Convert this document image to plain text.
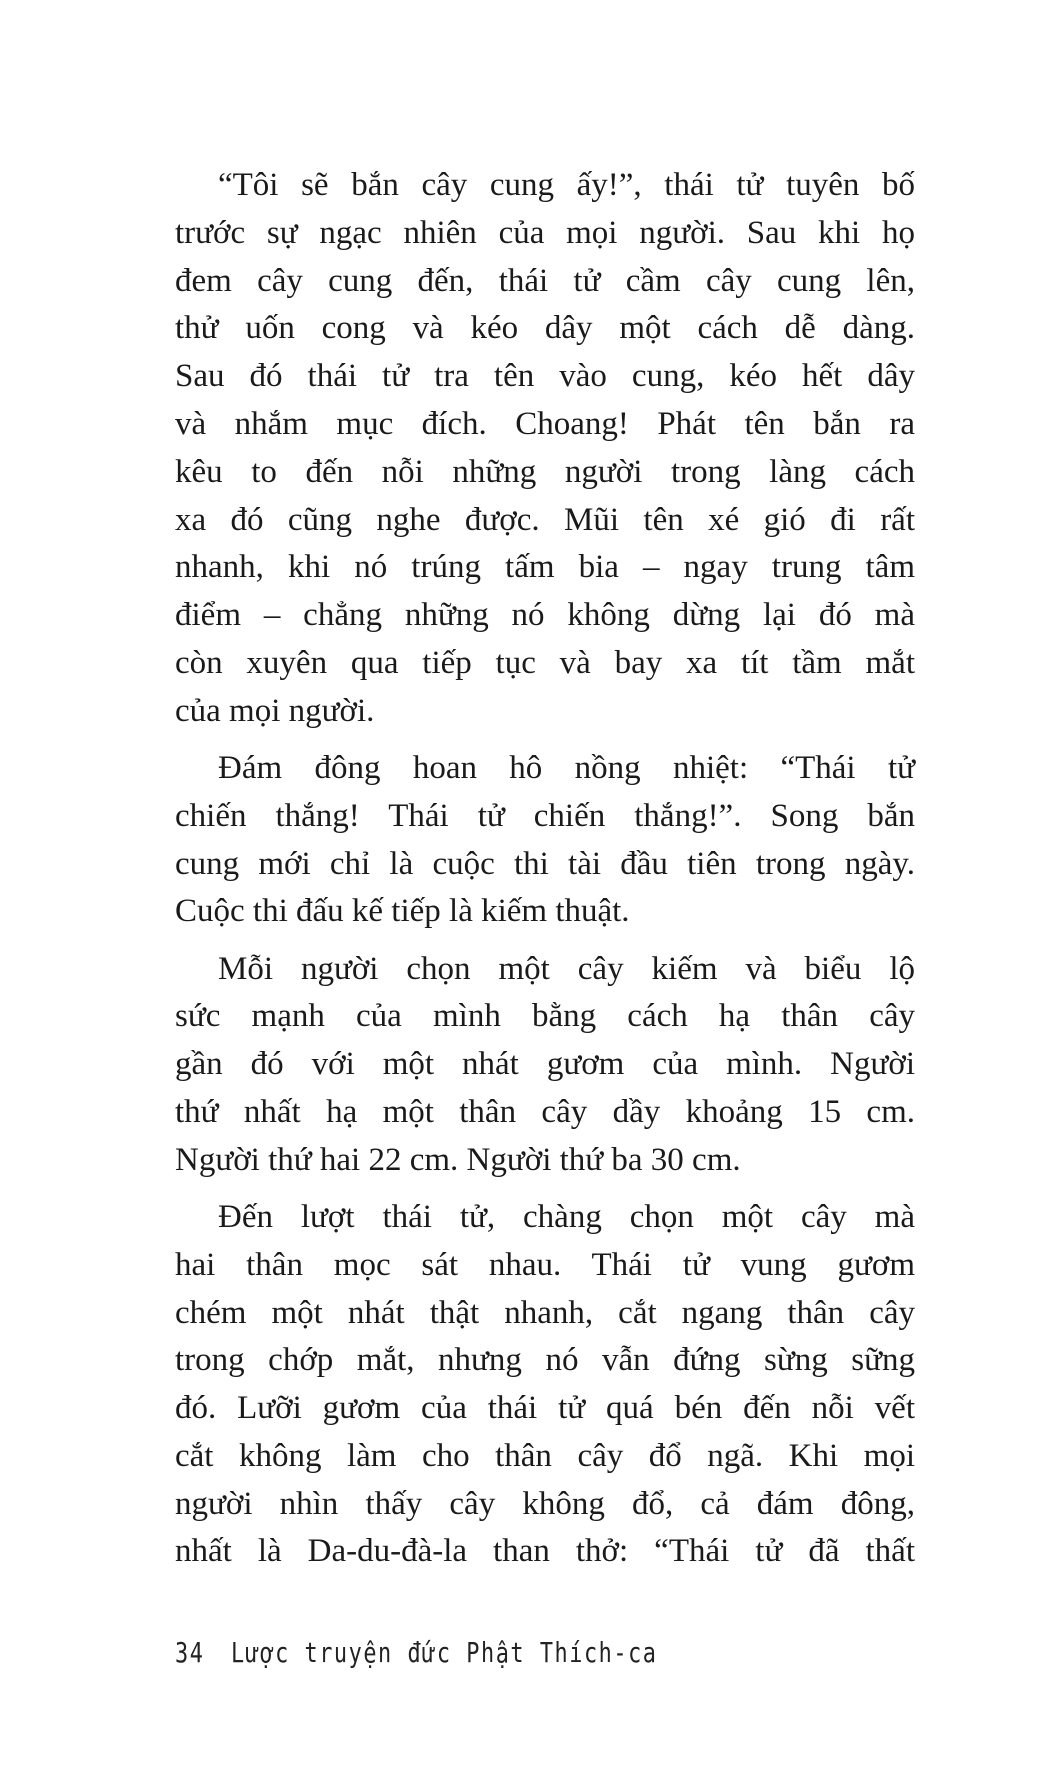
“Tôi sẽ bắn cây cung ấy!”, thái tử tuyên bố
trước sự ngạc nhiên của mọi người. Sau khi họ
đem cây cung đến, thái tử cầm cây cung lên,
thử uốn cong và kéo dây một cách dễ dàng.
Sau đó thái tử tra tên vào cung, kéo hết dây
và nhắm mục đích. Choang! Phát tên bắn ra
kêu to đến nỗi những người trong làng cách
xa đó cũng nghe được. Mũi tên xé gió đi rất
nhanh, khi nó trúng tấm bia – ngay trung tâm
điểm – chẳng những nó không dừng lại đó mà
còn xuyên qua tiếp tục và bay xa tít tầm mắt
của mọi người.
Đám đông hoan hô nồng nhiệt: “Thái tử
chiến thắng! Thái tử chiến thắng!”. Song bắn
cung mới chỉ là cuộc thi tài đầu tiên trong ngày.
Cuộc thi đấu kế tiếp là kiếm thuật.
Mỗi người chọn một cây kiếm và biểu lộ
sức mạnh của mình bằng cách hạ thân cây
gần đó với một nhát gươm của mình. Người
thứ nhất hạ một thân cây dầy khoảng 15 cm.
Người thứ hai 22 cm. Người thứ ba 30 cm.
Đến lượt thái tử, chàng chọn một cây mà
hai thân mọc sát nhau. Thái tử vung gươm
chém một nhát thật nhanh, cắt ngang thân cây
trong chớp mắt, nhưng nó vẫn đứng sừng sững
đó. Lưỡi gươm của thái tử quá bén đến nỗi vết
cắt không làm cho thân cây đổ ngã. Khi mọi
người nhìn thấy cây không đổ, cả đám đông,
nhất là Da-du-đà-la than thở: “Thái tử đã thất
34 Lược truyện đức Phật Thích-ca
